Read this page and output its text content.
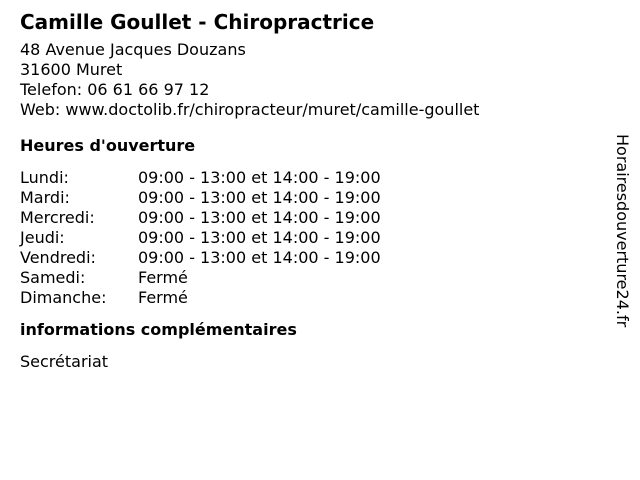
Camille Goullet - Chiropractrice
48 Avenue Jacques Douzans
31600 Muret
Telefon: 06 61 66 97 12
Web: www.doctolib.fr/chiropracteur/muret/camille-goullet
Heures d'ouverture
Lundi:	09:00 - 13:00 et 14:00 - 19:00
Mardi:	09:00 - 13:00 et 14:00 - 19:00
Mercredi:	09:00 - 13:00 et 14:00 - 19:00
Jeudi:	09:00 - 13:00 et 14:00 - 19:00
Vendredi:	09:00 - 13:00 et 14:00 - 19:00
Samedi:	Fermé
Dimanche:	Fermé
informations complémentaires
Secrétariat
Horairesdouverture24.fr
